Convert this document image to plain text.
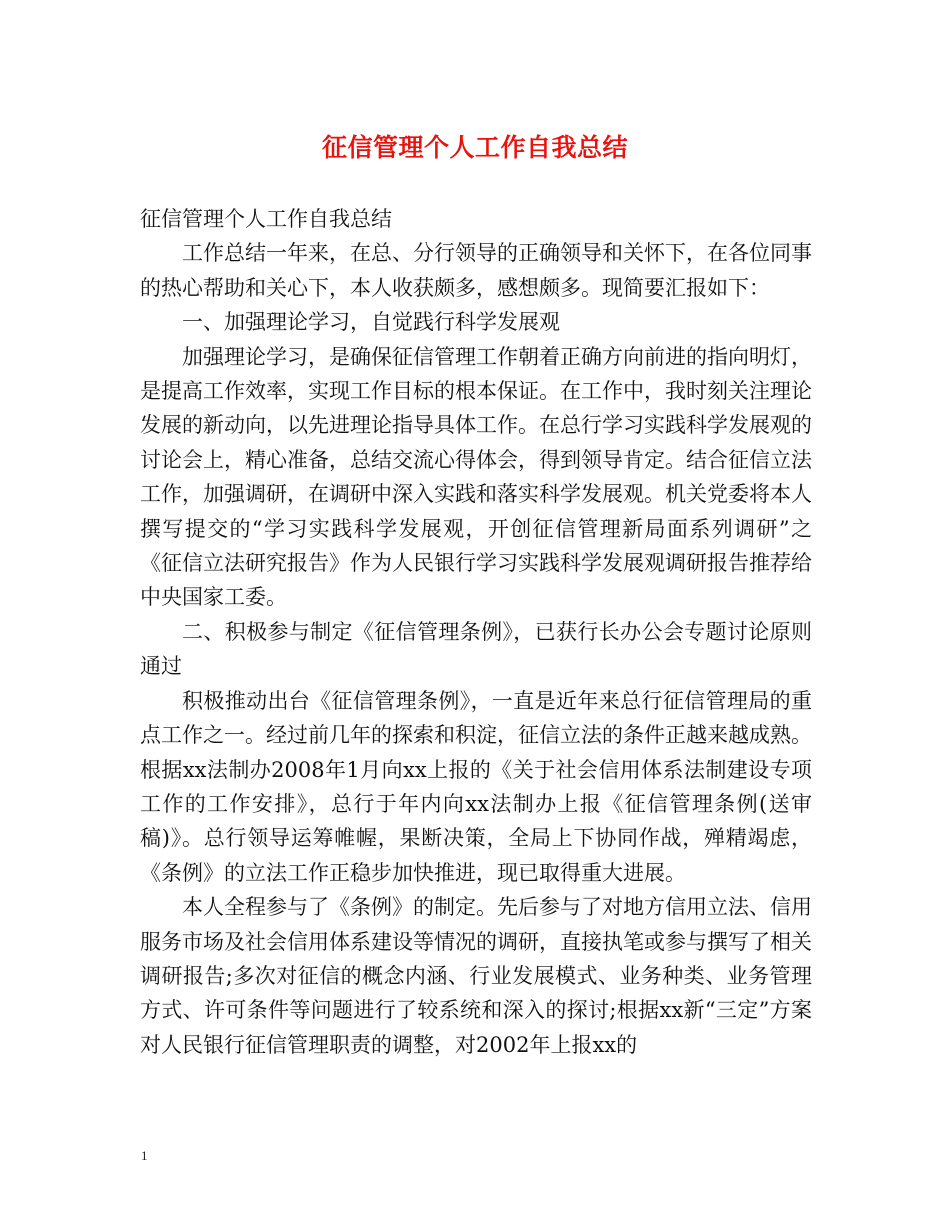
征信管理个人工作自我总结

征信管理个人工作自我总结

工作总结一年来，在总、分行领导的正确领导和关怀下，在各位同事的热心帮助和关心下，本人收获颇多，感想颇多。现简要汇报如下：

一、加强理论学习，自觉践行科学发展观

加强理论学习，是确保征信管理工作朝着正确方向前进的指向明灯，是提高工作效率，实现工作目标的根本保证。在工作中，我时刻关注理论发展的新动向，以先进理论指导具体工作。在总行学习实践科学发展观的讨论会上，精心准备，总结交流心得体会，得到领导肯定。结合征信立法工作，加强调研，在调研中深入实践和落实科学发展观。机关党委将本人撰写提交的“学习实践科学发展观，开创征信管理新局面系列调研”之《征信立法研究报告》作为人民银行学习实践科学发展观调研报告推荐给中央国家工委。

二、积极参与制定《征信管理条例》，已获行长办公会专题讨论原则通过

积极推动出台《征信管理条例》，一直是近年来总行征信管理局的重点工作之一。经过前几年的探索和积淀，征信立法的条件正越来越成熟。根据xx法制办2008年1月向xx上报的《关于社会信用体系法制建设专项工作的工作安排》，总行于年内向xx法制办上报《征信管理条例(送审稿)》。总行领导运筹帷幄，果断决策，全局上下协同作战，殚精竭虑，《条例》的立法工作正稳步加快推进，现已取得重大进展。

本人全程参与了《条例》的制定。先后参与了对地方信用立法、信用服务市场及社会信用体系建设等情况的调研，直接执笔或参与撰写了相关调研报告;多次对征信的概念内涵、行业发展模式、业务种类、业务管理方式、许可条件等问题进行了较系统和深入的探讨;根据xx新“三定”方案对人民银行征信管理职责的调整，对2002年上报xx的

1
